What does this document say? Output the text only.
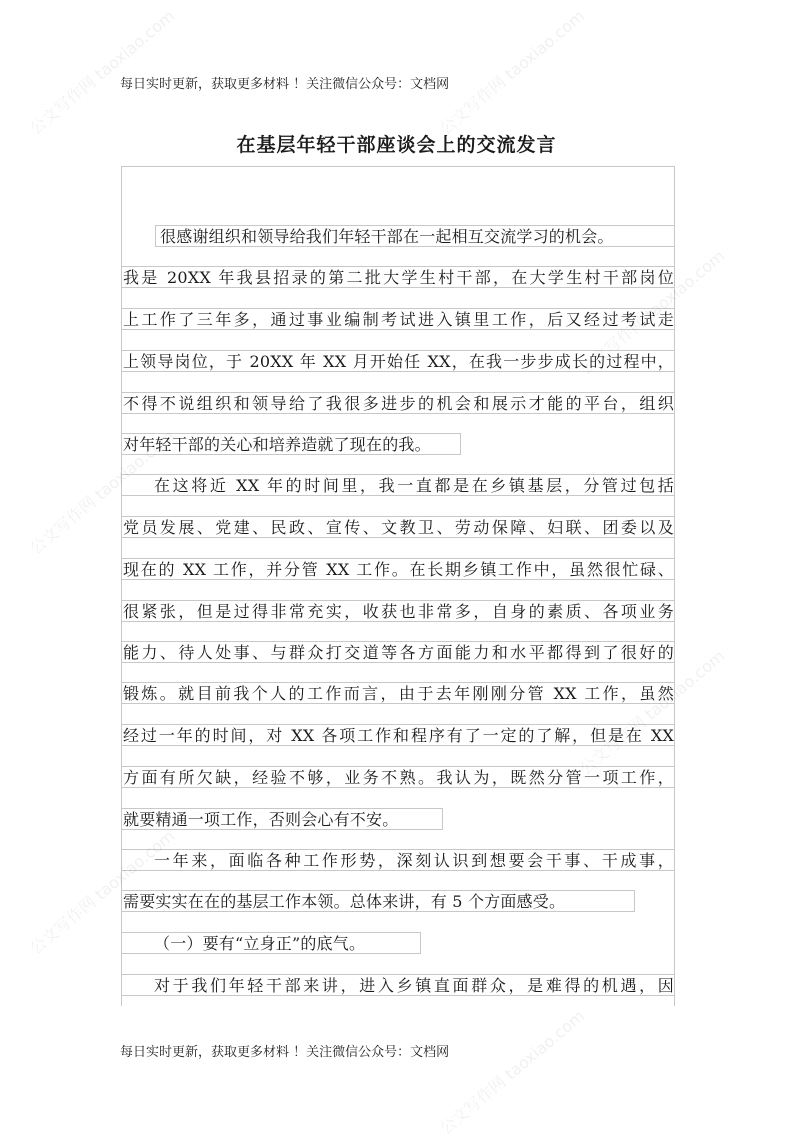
每日实时更新，获取更多材料 ！关注微信公众号：文档网
在基层年轻干部座谈会上的交流发言
很感谢组织和领导给我们年轻干部在一起相互交流学习的机会。
我是 20XX 年我县招录的第二批大学生村干部，在大学生村干部岗位
上工作了三年多，通过事业编制考试进入镇里工作，后又经过考试走
上领导岗位，于 20XX 年 XX 月开始任 XX，在我一步步成长的过程中，
不得不说组织和领导给了我很多进步的机会和展示才能的平台，组织
对年轻干部的关心和培养造就了现在的我。
在这将近 XX 年的时间里，我一直都是在乡镇基层，分管过包括
党员发展、党建、民政、宣传、文教卫、劳动保障、妇联、团委以及
现在的 XX 工作，并分管 XX 工作。在长期乡镇工作中，虽然很忙碌、
很紧张，但是过得非常充实，收获也非常多，自身的素质、各项业务
能力、待人处事、与群众打交道等各方面能力和水平都得到了很好的
锻炼。就目前我个人的工作而言，由于去年刚刚分管 XX 工作，虽然
经过一年的时间，对 XX 各项工作和程序有了一定的了解，但是在 XX
方面有所欠缺，经验不够，业务不熟。我认为，既然分管一项工作，
就要精通一项工作，否则会心有不安。
一年来，面临各种工作形势，深刻认识到想要会干事、干成事，
需要实实在在的基层工作本领。总体来讲，有 5 个方面感受。
（一）要有“立身正”的底气。
对于我们年轻干部来讲，进入乡镇直面群众，是难得的机遇，因
每日实时更新，获取更多材料 ！关注微信公众号：文档网
公文写作网 taoxiao.com	公文写作网 taoxiao.com
公文写作网 taoxiao.com
公文写作网 taoxiao.com
公文写作网 taoxiao.com
公文写作网 taoxiao.com
公文写作网 taoxiao.com
